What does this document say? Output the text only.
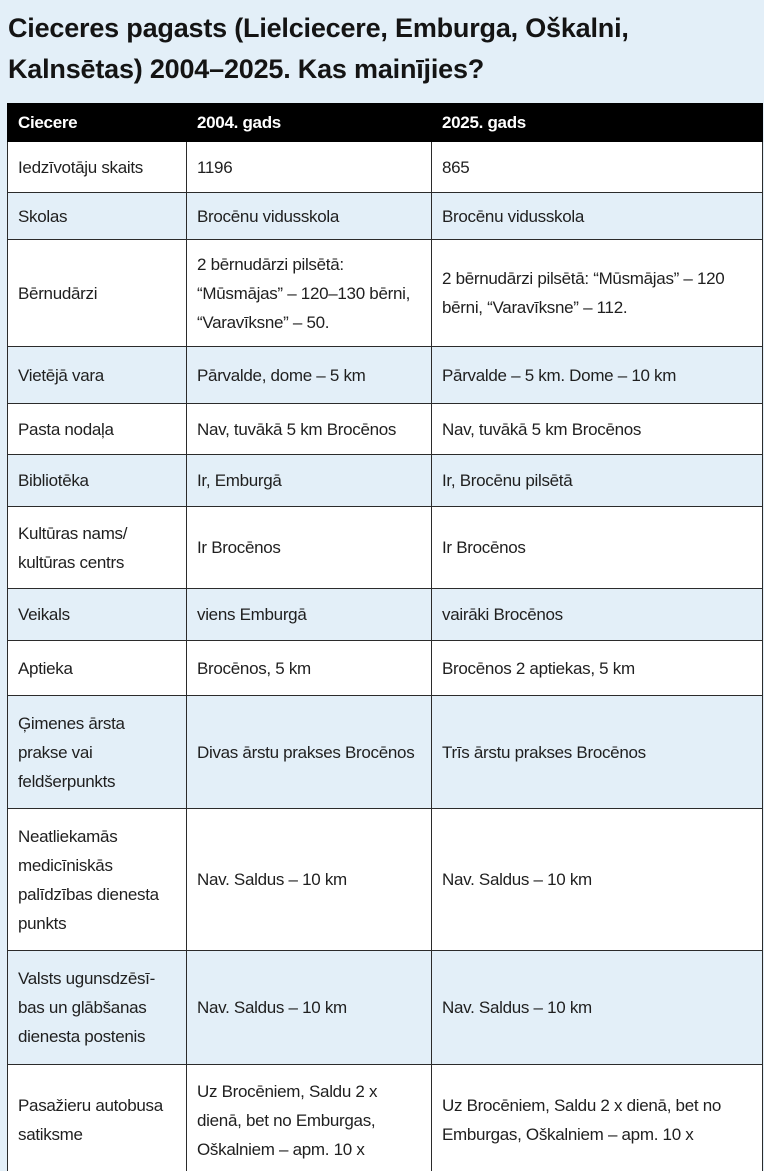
Cieceres pagasts (Lielciecere, Emburga, Oškalni, Kalnsētas) 2004–2025. Kas mainījies?
Ciecere	2004. gads	2025. gads
Iedzīvotāju skaits	1196	865
Skolas	Brocēnu vidusskola	Brocēnu vidusskola
Bērnudārzi	2 bērnudārzi pilsētā: “Mūsmājas” – 120–130 bērni, “Varavīksne” – 50.	2 bērnudārzi pilsētā: “Mūsmājas” – 120 bērni, “Varavīksne” – 112.
Vietējā vara	Pārvalde, dome – 5 km	Pārvalde – 5 km. Dome – 10 km
Pasta nodaļa	Nav, tuvākā 5 km Brocēnos	Nav, tuvākā 5 km Brocēnos
Bibliotēka	Ir, Emburgā	Ir, Brocēnu pilsētā
Kultūras nams/ kultūras centrs	Ir Brocēnos	Ir Brocēnos
Veikals	viens Emburgā	vairāki Brocēnos
Aptieka	Brocēnos, 5 km	Brocēnos 2 aptiekas, 5 km
Ģimenes ārsta prakse vai feldšerpunkts	Divas ārstu prakses Brocēnos	Trīs ārstu prakses Brocēnos
Neatliekamās medicīniskās palīdzības dienesta punkts	Nav. Saldus – 10 km	Nav. Saldus – 10 km
Valsts ugunsdzēsī-bas un glābšanas dienesta postenis	Nav. Saldus – 10 km	Nav. Saldus – 10 km
Pasažieru autobusa satiksme	Uz Brocēniem, Saldu 2 x dienā, bet no Emburgas, Oškalniem – apm. 10 x	Uz Brocēniem, Saldu 2 x dienā, bet no Emburgas, Oškalniem – apm. 10 x
